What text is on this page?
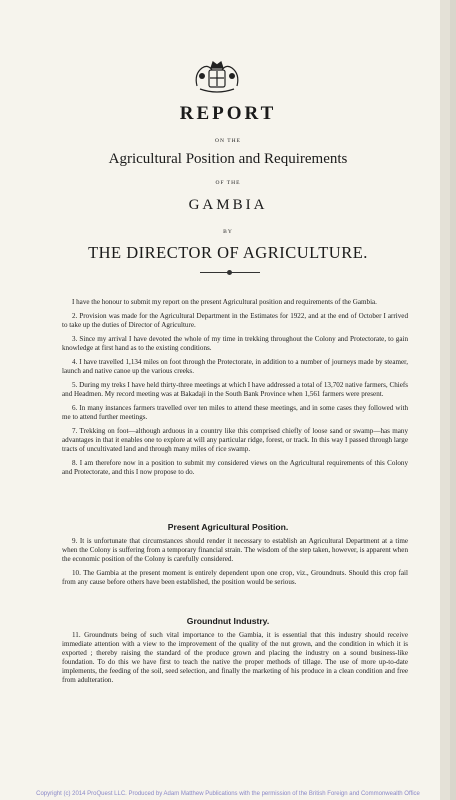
REPORT
ON THE
Agricultural Position and Requirements
OF THE
GAMBIA
BY
THE DIRECTOR OF AGRICULTURE.

I have the honour to submit my report on the present Agricultural position and requirements of the Gambia.

2. Provision was made for the Agricultural Department in the Estimates for 1922, and at the end of October I arrived to take up the duties of Director of Agriculture.

3. Since my arrival I have devoted the whole of my time in trekking throughout the Colony and Protectorate, to gain knowledge at first hand as to the existing conditions.

4. I have travelled 1,134 miles on foot through the Protectorate, in addition to a number of journeys made by steamer, launch and native canoe up the various creeks.

5. During my treks I have held thirty-three meetings at which I have addressed a total of 13,702 native farmers, Chiefs and Headmen. My record meeting was at Bakadaji in the South Bank Province when 1,561 farmers were present.

6. In many instances farmers travelled over ten miles to attend these meetings, and in some cases they followed with me to attend further meetings.

7. Trekking on foot—although arduous in a country like this comprised chiefly of loose sand or swamp—has many advantages in that it enables one to explore at will any particular ridge, forest, or track. In this way I passed through large tracts of uncultivated land and through many miles of rice swamp.

8. I am therefore now in a position to submit my considered views on the Agricultural requirements of this Colony and Protectorate, and this I now propose to do.

Present Agricultural Position.

9. It is unfortunate that circumstances should render it necessary to establish an Agricultural Department at a time when the Colony is suffering from a temporary financial strain. The wisdom of the step taken, however, is apparent when the economic position of the Colony is carefully considered.

10. The Gambia at the present moment is entirely dependent upon one crop, viz., Groundnuts. Should this crop fail from any cause before others have been established, the position would be serious.

Groundnut Industry.

11. Groundnuts being of such vital importance to the Gambia, it is essential that this industry should receive immediate attention with a view to the improvement of the quality of the nut grown, and the condition in which it is exported ; thereby raising the standard of the produce grown and placing the industry on a sound business-like foundation. To do this we have first to teach the native the proper methods of tillage. The use of more up-to-date implements, the feeding of the soil, seed selection, and finally the marketing of his produce in a clean condition and free from adulteration.

Copyright (c) 2014 ProQuest LLC. Produced by Adam Matthew Publications with the permission of the British Foreign and Commonwealth Office
